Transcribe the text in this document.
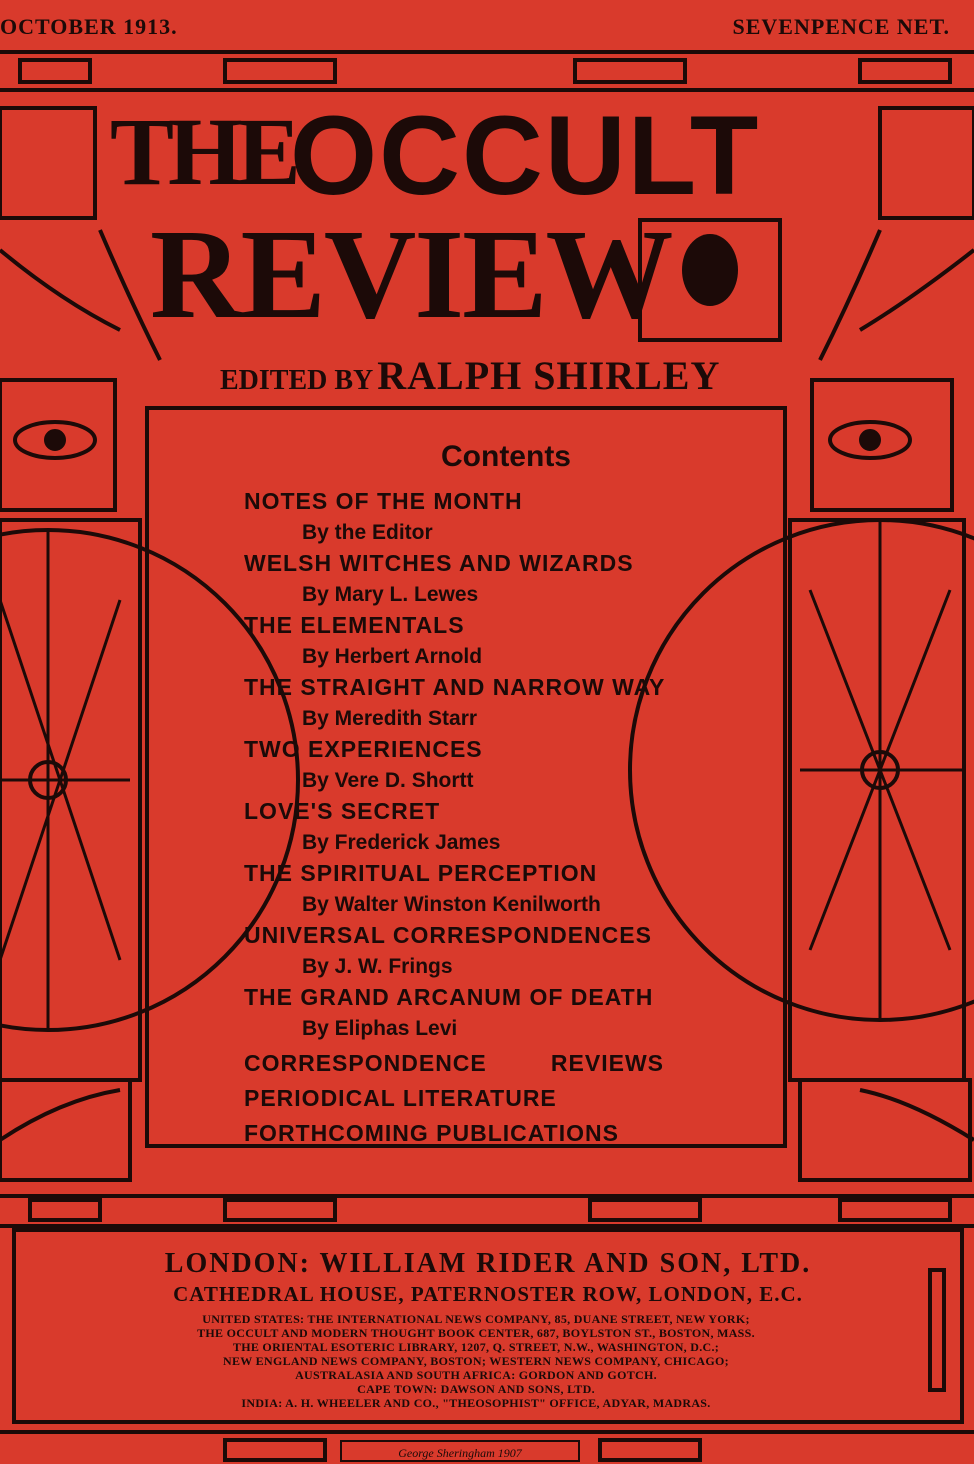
OCTOBER 1913.	SEVENPENCE NET.
THE
OCCULT
REVIEW
EDITED BY RALPH SHIRLEY
Contents
NOTES OF THE MONTH
By the Editor
WELSH WITCHES AND WIZARDS
By Mary L. Lewes
THE ELEMENTALS
By Herbert Arnold
THE STRAIGHT AND NARROW WAY
By Meredith Starr
TWO EXPERIENCES
By Vere D. Shortt
LOVE'S SECRET
By Frederick James
THE SPIRITUAL PERCEPTION
By Walter Winston Kenilworth
UNIVERSAL CORRESPONDENCES
By J. W. Frings
THE GRAND ARCANUM OF DEATH
By Eliphas Levi
CORRESPONDENCE	REVIEWS
PERIODICAL LITERATURE
FORTHCOMING PUBLICATIONS
LONDON: WILLIAM RIDER AND SON, LTD.
CATHEDRAL HOUSE, PATERNOSTER ROW, LONDON, E.C.
UNITED STATES: THE INTERNATIONAL NEWS COMPANY, 85, DUANE STREET, NEW YORK;
THE OCCULT AND MODERN THOUGHT BOOK CENTER, 687, BOYLSTON ST., BOSTON, MASS.
THE ORIENTAL ESOTERIC LIBRARY, 1207, Q. STREET, N.W., WASHINGTON, D.C.;
NEW ENGLAND NEWS COMPANY, BOSTON; WESTERN NEWS COMPANY, CHICAGO;
AUSTRALASIA AND SOUTH AFRICA: GORDON AND GOTCH.
CAPE TOWN: DAWSON AND SONS, LTD.
INDIA: A. H. WHEELER AND CO., "THEOSOPHIST" OFFICE, ADYAR, MADRAS.
George Sheringham 1907
